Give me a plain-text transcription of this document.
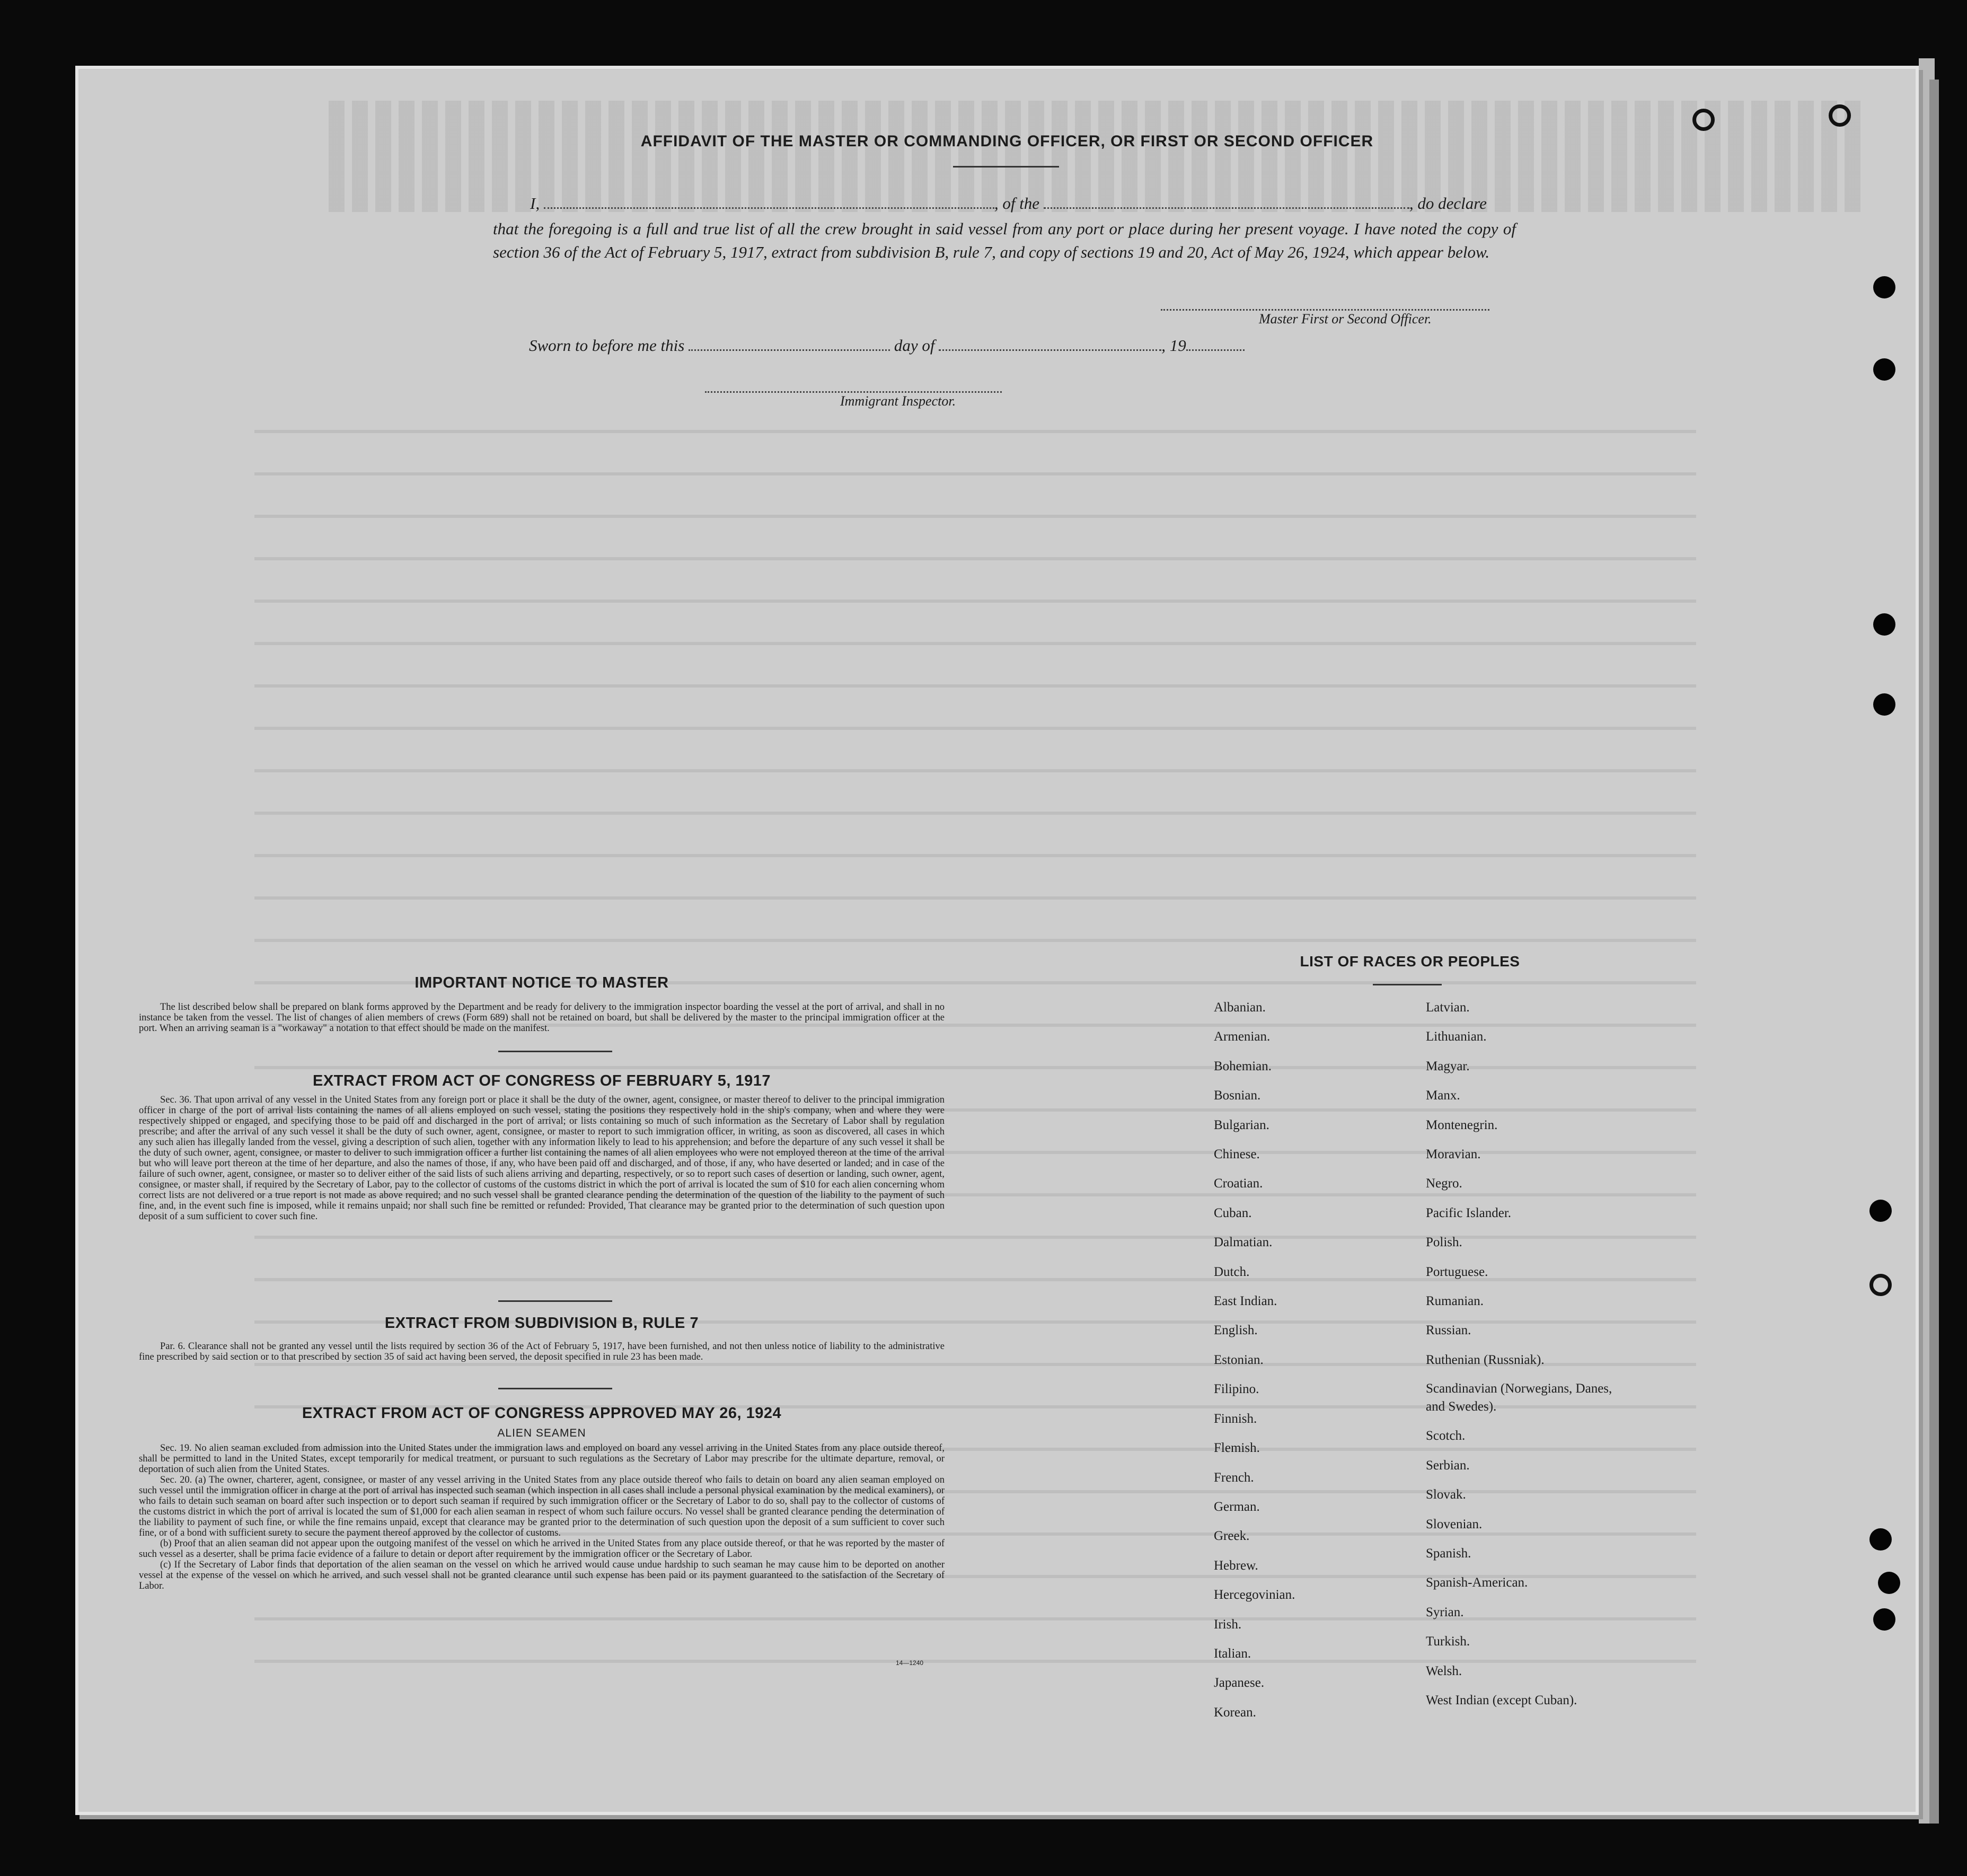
AFFIDAVIT OF THE MASTER OR COMMANDING OFFICER, OR FIRST OR SECOND OFFICER
I,	, of the	, do declare
that the foregoing is a full and true list of all the crew brought in said vessel from any port or place during her present voyage. I have noted the copy of section 36 of the Act of February 5, 1917, extract from subdivision B, rule 7, and copy of sections 19 and 20, Act of May 26, 1924, which appear below.
Master First or Second Officer.
Sworn to before me this	day of	, 19
Immigrant Inspector.
IMPORTANT NOTICE TO MASTER

The list described below shall be prepared on blank forms approved by the Department and be ready for delivery to the immigration inspector boarding the vessel at the port of arrival, and shall in no instance be taken from the vessel. The list of changes of alien members of crews (Form 689) shall not be retained on board, but shall be delivered by the master to the principal immigration officer at the port. When an arriving seaman is a "workaway" a notation to that effect should be made on the manifest.

EXTRACT FROM ACT OF CONGRESS OF FEBRUARY 5, 1917

Sec. 36. That upon arrival of any vessel in the United States from any foreign port or place it shall be the duty of the owner, agent, consignee, or master thereof to deliver to the principal immigration officer in charge of the port of arrival lists containing the names of all aliens employed on such vessel, stating the positions they respectively hold in the ship's company, when and where they were respectively shipped or engaged, and specifying those to be paid off and discharged in the port of arrival; or lists containing so much of such information as the Secretary of Labor shall by regulation prescribe; and after the arrival of any such vessel it shall be the duty of such owner, agent, consignee, or master to report to such immigration officer, in writing, as soon as discovered, all cases in which any such alien has illegally landed from the vessel, giving a description of such alien, together with any information likely to lead to his apprehension; and before the departure of any such vessel it shall be the duty of such owner, agent, consignee, or master to deliver to such immigration officer a further list containing the names of all alien employees who were not employed thereon at the time of the arrival but who will leave port thereon at the time of her departure, and also the names of those, if any, who have been paid off and discharged, and of those, if any, who have deserted or landed; and in case of the failure of such owner, agent, consignee, or master so to deliver either of the said lists of such aliens arriving and departing, respectively, or so to report such cases of desertion or landing, such owner, agent, consignee, or master shall, if required by the Secretary of Labor, pay to the collector of customs of the customs district in which the port of arrival is located the sum of $10 for each alien concerning whom correct lists are not delivered or a true report is not made as above required; and no such vessel shall be granted clearance pending the determination of the question of the liability to the payment of such fine, and, in the event such fine is imposed, while it remains unpaid; nor shall such fine be remitted or refunded: Provided, That clearance may be granted prior to the determination of such question upon deposit of a sum sufficient to cover such fine.

EXTRACT FROM SUBDIVISION B, RULE 7

Par. 6. Clearance shall not be granted any vessel until the lists required by section 36 of the Act of February 5, 1917, have been furnished, and not then unless notice of liability to the administrative fine prescribed by said section or to that prescribed by section 35 of said act having been served, the deposit specified in rule 23 has been made.

EXTRACT FROM ACT OF CONGRESS APPROVED MAY 26, 1924
ALIEN SEAMEN

Sec. 19. No alien seaman excluded from admission into the United States under the immigration laws and employed on board any vessel arriving in the United States from any place outside thereof, shall be permitted to land in the United States, except temporarily for medical treatment, or pursuant to such regulations as the Secretary of Labor may prescribe for the ultimate departure, removal, or deportation of such alien from the United States.

Sec. 20. (a) The owner, charterer, agent, consignee, or master of any vessel arriving in the United States from any place outside thereof who fails to detain on board any alien seaman employed on such vessel until the immigration officer in charge at the port of arrival has inspected such seaman (which inspection in all cases shall include a personal physical examination by the medical examiners), or who fails to detain such seaman on board after such inspection or to deport such seaman if required by such immigration officer or the Secretary of Labor to do so, shall pay to the collector of customs of the customs district in which the port of arrival is located the sum of $1,000 for each alien seaman in respect of whom such failure occurs. No vessel shall be granted clearance pending the determination of the liability to payment of such fine, or while the fine remains unpaid, except that clearance may be granted prior to the determination of such question upon the deposit of a sum sufficient to cover such fine, or of a bond with sufficient surety to secure the payment thereof approved by the collector of customs.

(b) Proof that an alien seaman did not appear upon the outgoing manifest of the vessel on which he arrived in the United States from any place outside thereof, or that he was reported by the master of such vessel as a deserter, shall be prima facie evidence of a failure to detain or deport after requirement by the immigration officer or the Secretary of Labor.

(c) If the Secretary of Labor finds that deportation of the alien seaman on the vessel on which he arrived would cause undue hardship to such seaman he may cause him to be deported on another vessel at the expense of the vessel on which he arrived, and such vessel shall not be granted clearance until such expense has been paid or its payment guaranteed to the satisfaction of the Secretary of Labor.

14—1240
LIST OF RACES OR PEOPLES
Albanian.
Armenian.
Bohemian.
Bosnian.
Bulgarian.
Chinese.
Croatian.
Cuban.
Dalmatian.
Dutch.
East Indian.
English.
Estonian.
Filipino.
Finnish.
Flemish.
French.
German.
Greek.
Hebrew.
Hercegovinian.
Irish.
Italian.
Japanese.
Korean.
Latvian.
Lithuanian.
Magyar.
Manx.
Montenegrin.
Moravian.
Negro.
Pacific Islander.
Polish.
Portuguese.
Rumanian.
Russian.
Ruthenian (Russniak).
Scandinavian (Norwegians, Danes, and Swedes).
Scotch.
Serbian.
Slovak.
Slovenian.
Spanish.
Spanish-American.
Syrian.
Turkish.
Welsh.
West Indian (except Cuban).
